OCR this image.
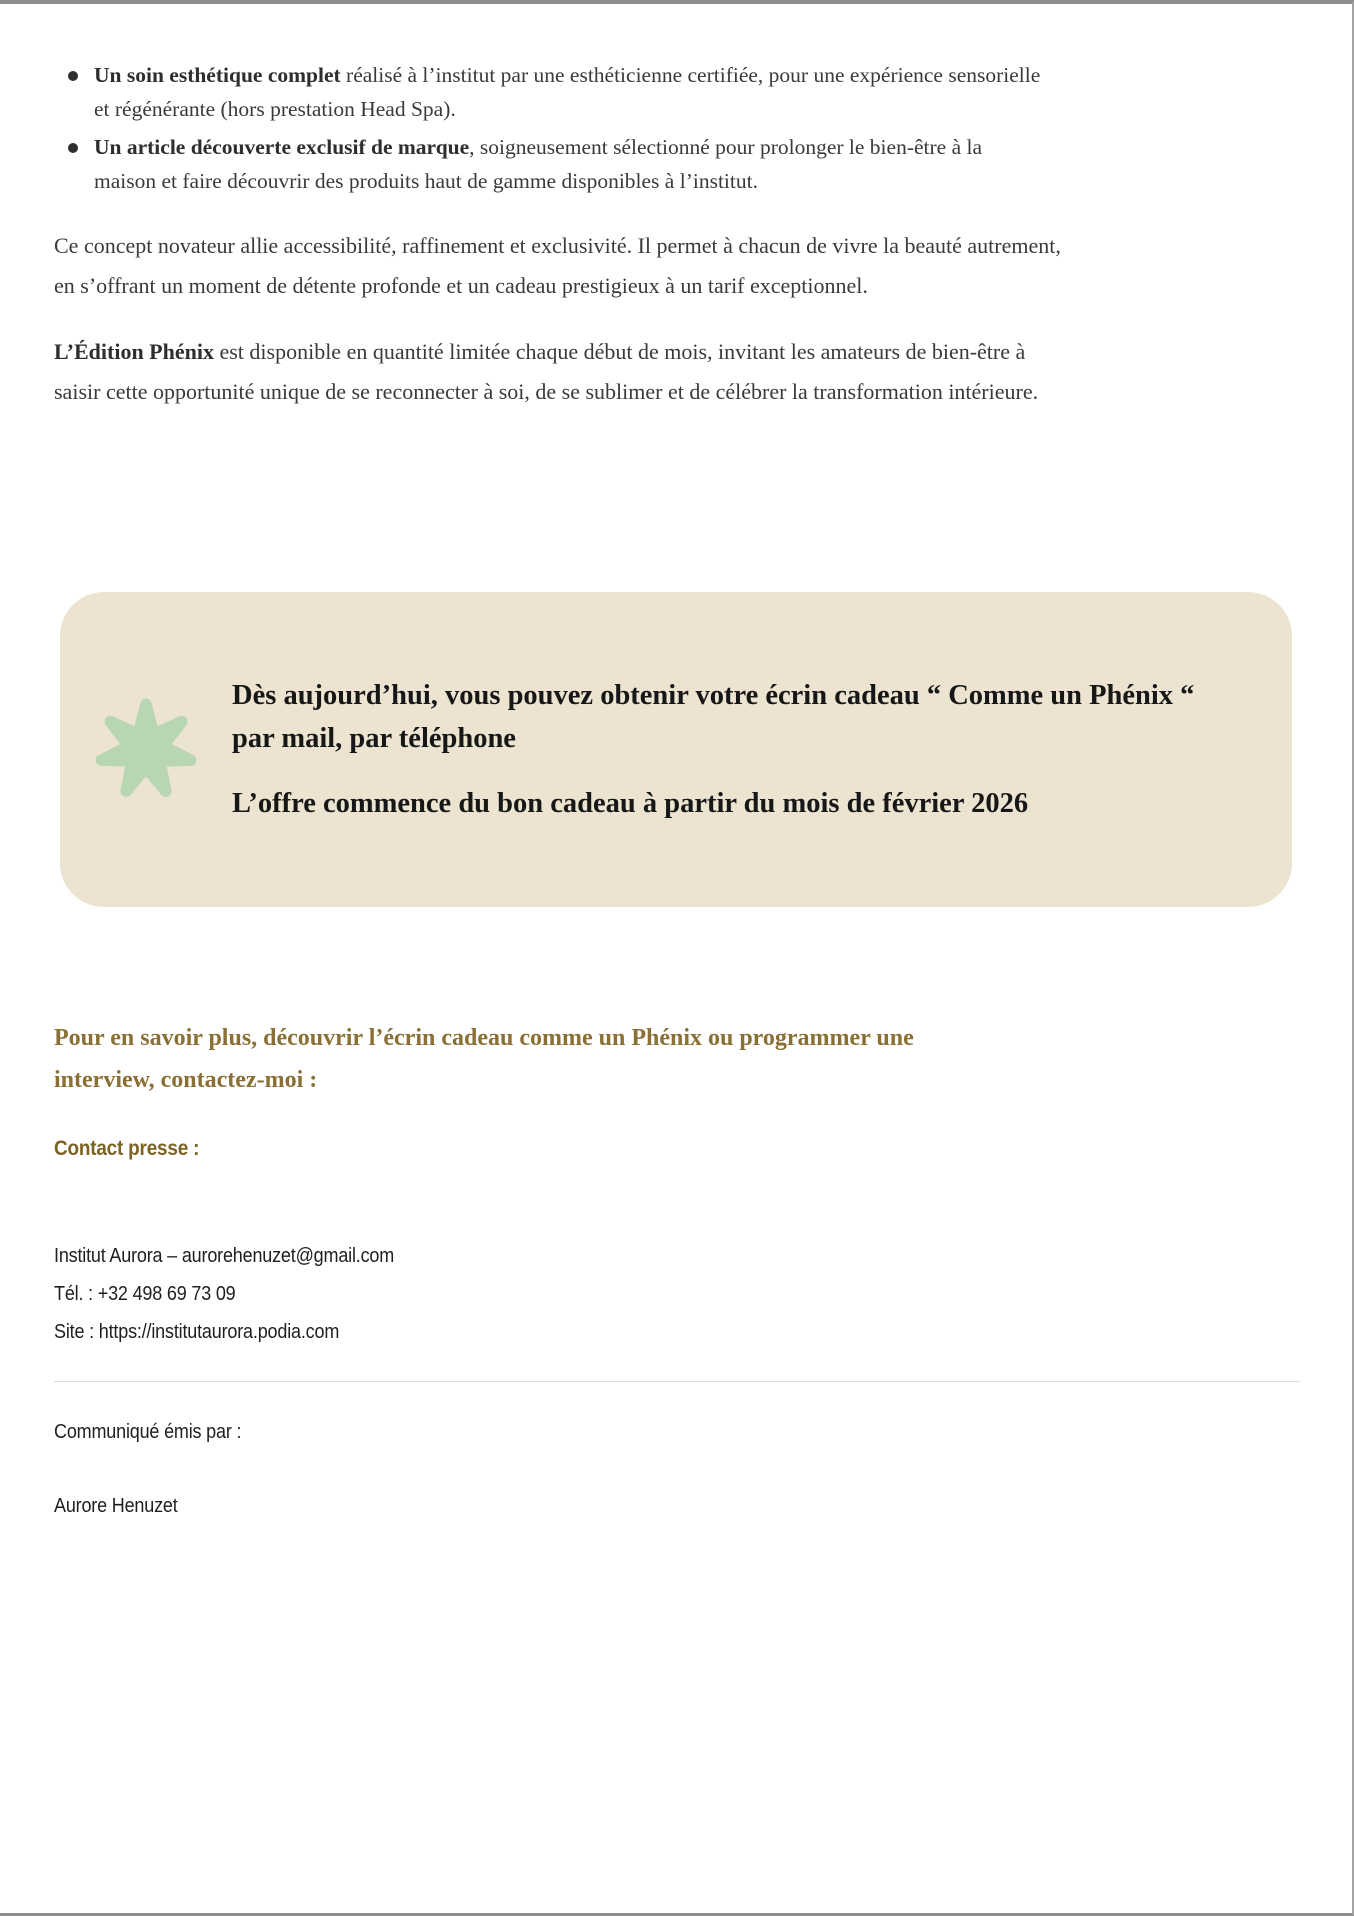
Un soin esthétique complet réalisé à l’institut par une esthéticienne certifiée, pour une expérience sensorielle et régénérante (hors prestation Head Spa).
Un article découverte exclusif de marque, soigneusement sélectionné pour prolonger le bien-être à la maison et faire découvrir des produits haut de gamme disponibles à l’institut.

Ce concept novateur allie accessibilité, raffinement et exclusivité. Il permet à chacun de vivre la beauté autrement, en s’offrant un moment de détente profonde et un cadeau prestigieux à un tarif exceptionnel.

L’Édition Phénix est disponible en quantité limitée chaque début de mois, invitant les amateurs de bien-être à saisir cette opportunité unique de se reconnecter à soi, de se sublimer et de célébrer la transformation intérieure.

Dès aujourd’hui, vous pouvez obtenir votre écrin cadeau “ Comme un Phénix “ par mail, par téléphone

L’offre commence du bon cadeau à partir du mois de février 2026

Pour en savoir plus, découvrir l’écrin cadeau comme un Phénix ou programmer une interview, contactez-moi :
Contact presse :
Institut Aurora – aurorehenuzet@gmail.com
Tél. : +32 498 69 73 09
Site : https://institutaurora.podia.com
Communiqué émis par :
Aurore Henuzet
